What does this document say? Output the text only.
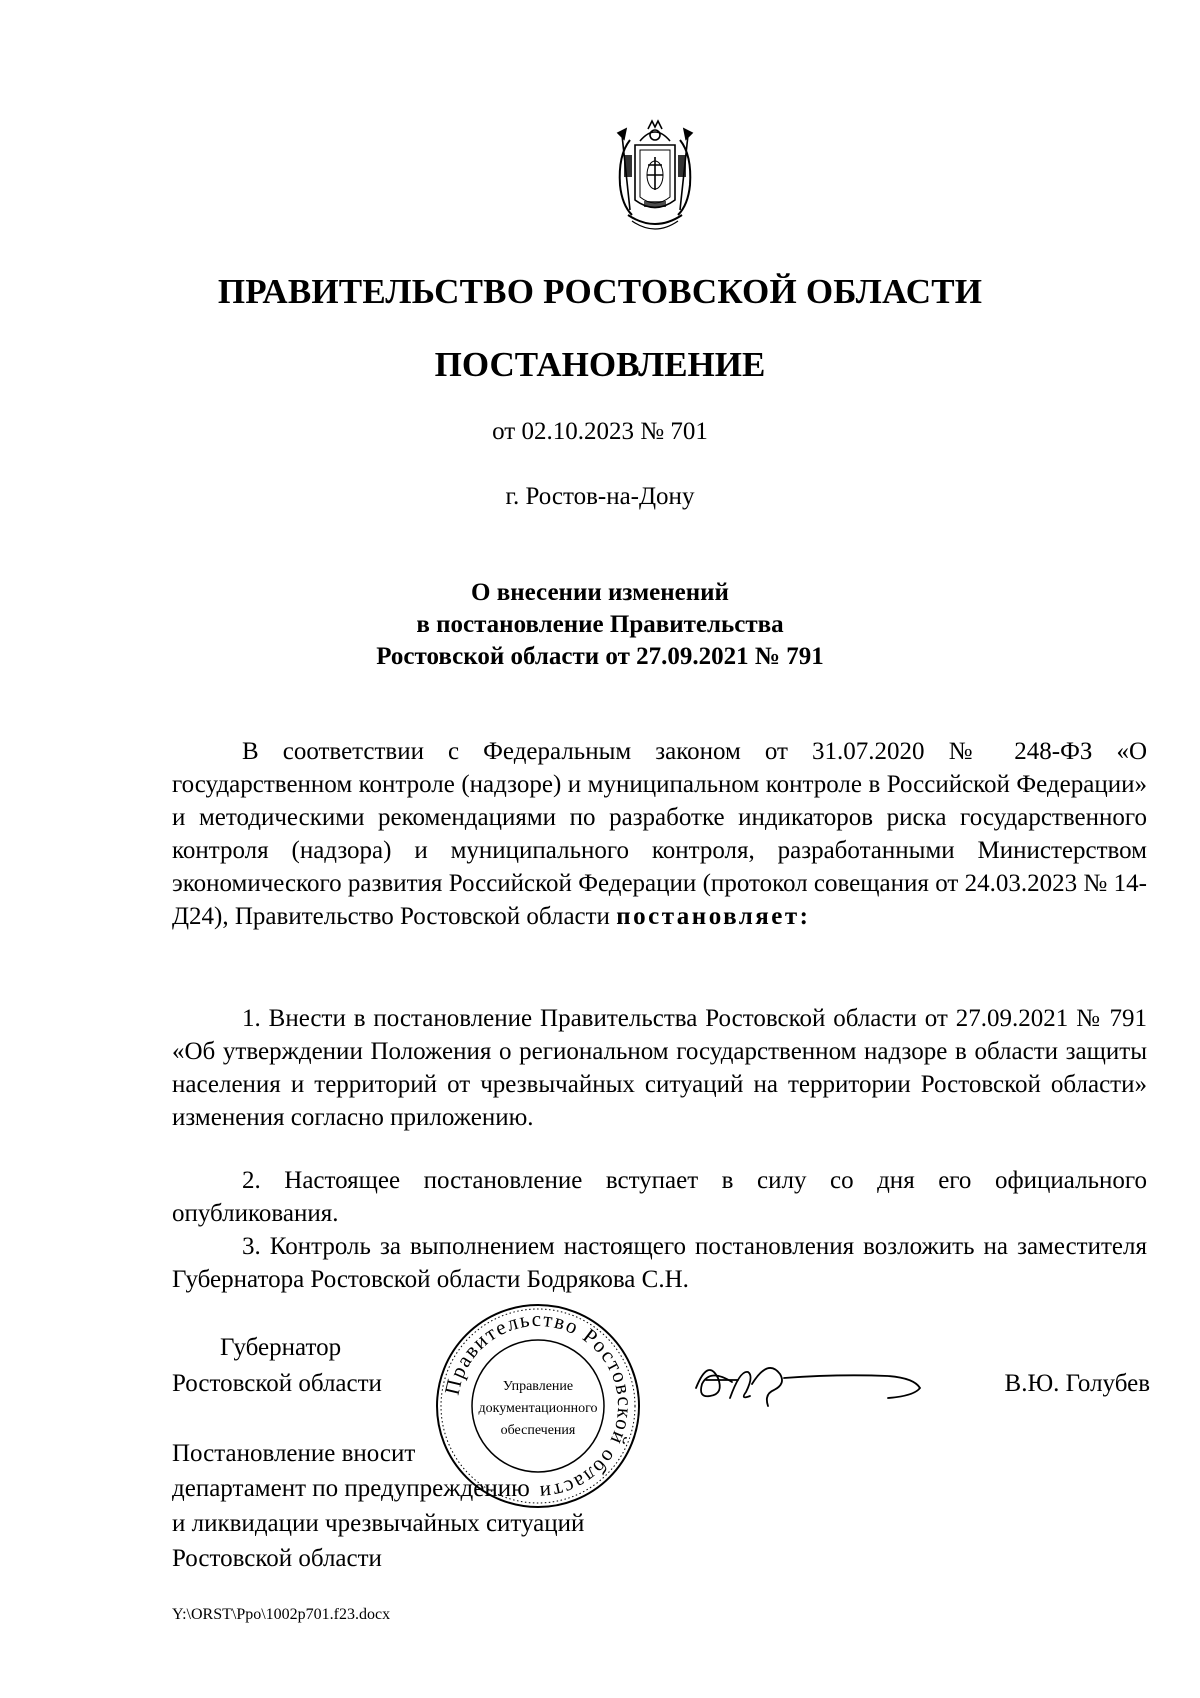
ПРАВИТЕЛЬСТВО РОСТОВСКОЙ ОБЛАСТИ
ПОСТАНОВЛЕНИЕ
от 02.10.2023 № 701
г. Ростов-на-Дону
О внесении изменений
в постановление Правительства
Ростовской области от 27.09.2021 № 791
В соответствии с Федеральным законом от 31.07.2020 № 248-ФЗ «О государственном контроле (надзоре) и муниципальном контроле в Российской Федерации» и методическими рекомендациями по разработке индикаторов риска государственного контроля (надзора) и муниципального контроля, разработанными Министерством экономического развития Российской Федерации (протокол совещания от 24.03.2023 № 14-Д24), Правительство Ростовской области постановляет:
1. Внести в постановление Правительства Ростовской области от 27.09.2021 № 791 «Об утверждении Положения о региональном государственном надзоре в области защиты населения и территорий от чрезвычайных ситуаций на территории Ростовской области» изменения согласно приложению.
2. Настоящее постановление вступает в силу со дня его официального опубликования.
3. Контроль за выполнением настоящего постановления возложить на заместителя Губернатора Ростовской области Бодрякова С.Н.
Губернатор
Ростовской области	Правительство Ростовской области
Управление
документационного
обеспечения
В.Ю. Голубев
Постановление вносит
департамент по предупреждению
и ликвидации чрезвычайных ситуаций
Ростовской области
Y:\ORST\Ppo\1002p701.f23.docx
